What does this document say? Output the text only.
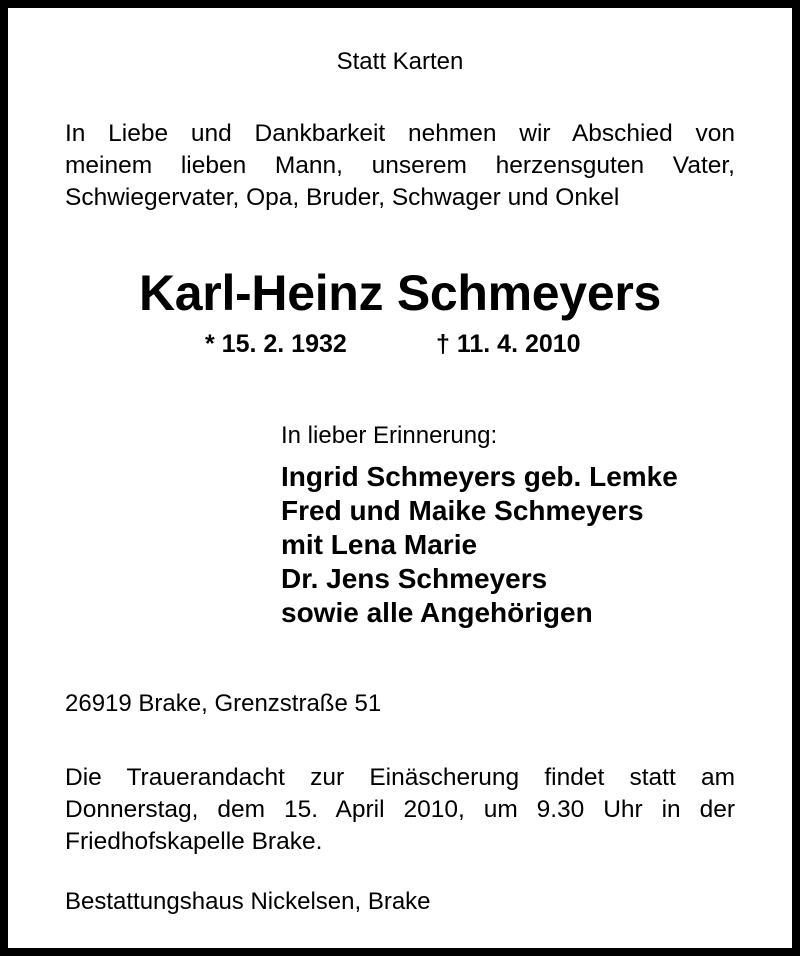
Statt Karten
In Liebe und Dankbarkeit nehmen wir Abschied von
meinem lieben Mann, unserem herzensguten Vater,
Schwiegervater, Opa, Bruder, Schwager und Onkel
Karl-Heinz Schmeyers
* 15. 2. 1932	† 11. 4. 2010
In lieber Erinnerung:
Ingrid Schmeyers geb. Lemke
Fred und Maike Schmeyers
mit Lena Marie
Dr. Jens Schmeyers
sowie alle Angehörigen
26919 Brake, Grenzstraße 51
Die Trauerandacht zur Einäscherung findet statt am
Donnerstag, dem 15. April 2010, um 9.30 Uhr in der
Friedhofskapelle Brake.
Bestattungshaus Nickelsen, Brake
